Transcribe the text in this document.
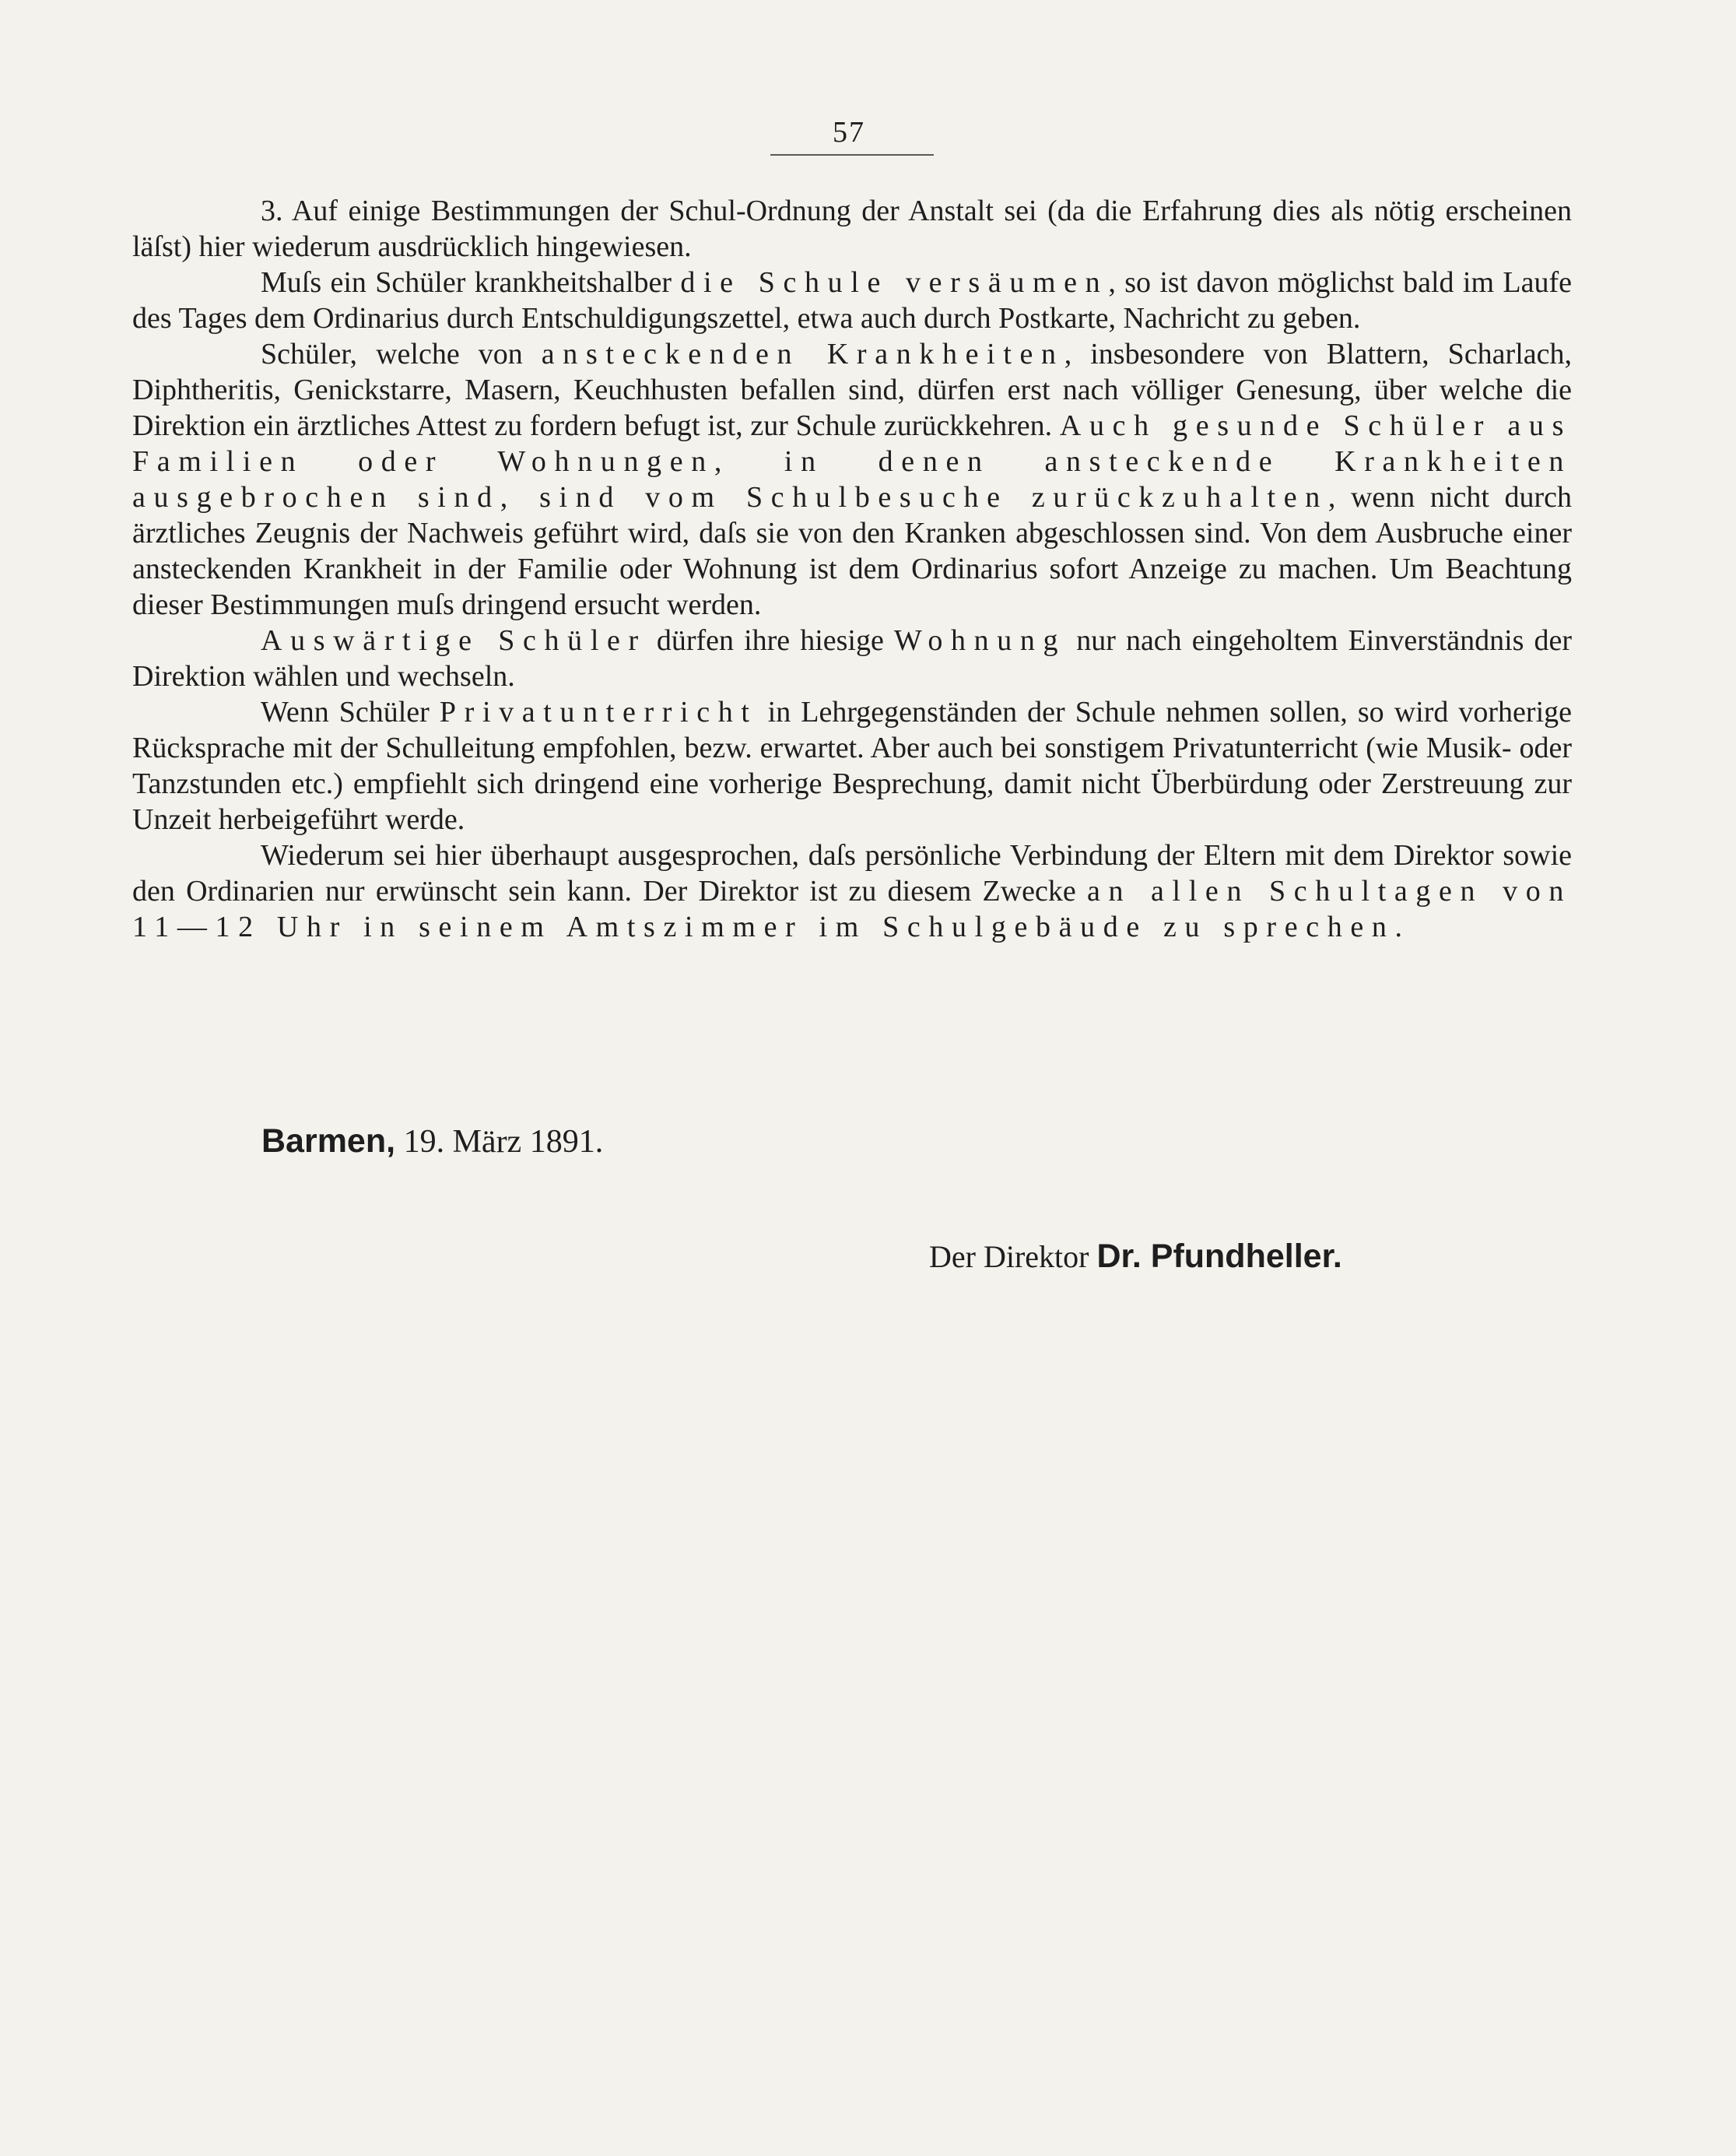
57

3. Auf einige Bestimmungen der Schul-Ordnung der Anstalt sei (da die Erfahrung dies als nötig erscheinen läſst) hier wiederum ausdrücklich hingewiesen.

Muſs ein Schüler krankheitshalber die Schule versäumen, so ist davon möglichst bald im Laufe des Tages dem Ordinarius durch Entschuldigungszettel, etwa auch durch Postkarte, Nachricht zu geben.

Schüler, welche von ansteckenden Krankheiten, insbesondere von Blattern, Scharlach, Diphtheritis, Genickstarre, Masern, Keuchhusten befallen sind, dürfen erst nach völliger Genesung, über welche die Direktion ein ärztliches Attest zu fordern befugt ist, zur Schule zurückkehren. Auch gesunde Schüler aus Familien oder Wohnungen, in denen ansteckende Krankheiten ausgebrochen sind, sind vom Schulbesuche zurückzuhalten, wenn nicht durch ärztliches Zeugnis der Nachweis geführt wird, daſs sie von den Kranken abgeschlossen sind. Von dem Ausbruche einer ansteckenden Krankheit in der Familie oder Wohnung ist dem Ordinarius sofort Anzeige zu machen. Um Beachtung dieser Bestimmungen muſs dringend ersucht werden.

Auswärtige Schüler dürfen ihre hiesige Wohnung nur nach eingeholtem Einverständnis der Direktion wählen und wechseln.

Wenn Schüler Privatunterricht in Lehrgegenständen der Schule nehmen sollen, so wird vorherige Rücksprache mit der Schulleitung empfohlen, bezw. erwartet. Aber auch bei sonstigem Privatunterricht (wie Musik- oder Tanzstunden etc.) empfiehlt sich dringend eine vorherige Besprechung, damit nicht Überbürdung oder Zerstreuung zur Unzeit herbeigeführt werde.

Wiederum sei hier überhaupt ausgesprochen, daſs persönliche Verbindung der Eltern mit dem Direktor sowie den Ordinarien nur erwünscht sein kann. Der Direktor ist zu diesem Zwecke an allen Schultagen von 11—12 Uhr in seinem Amtszimmer im Schulgebäude zu sprechen.

Barmen, 19. März 1891.
Der Direktor Dr. Pfundheller.
